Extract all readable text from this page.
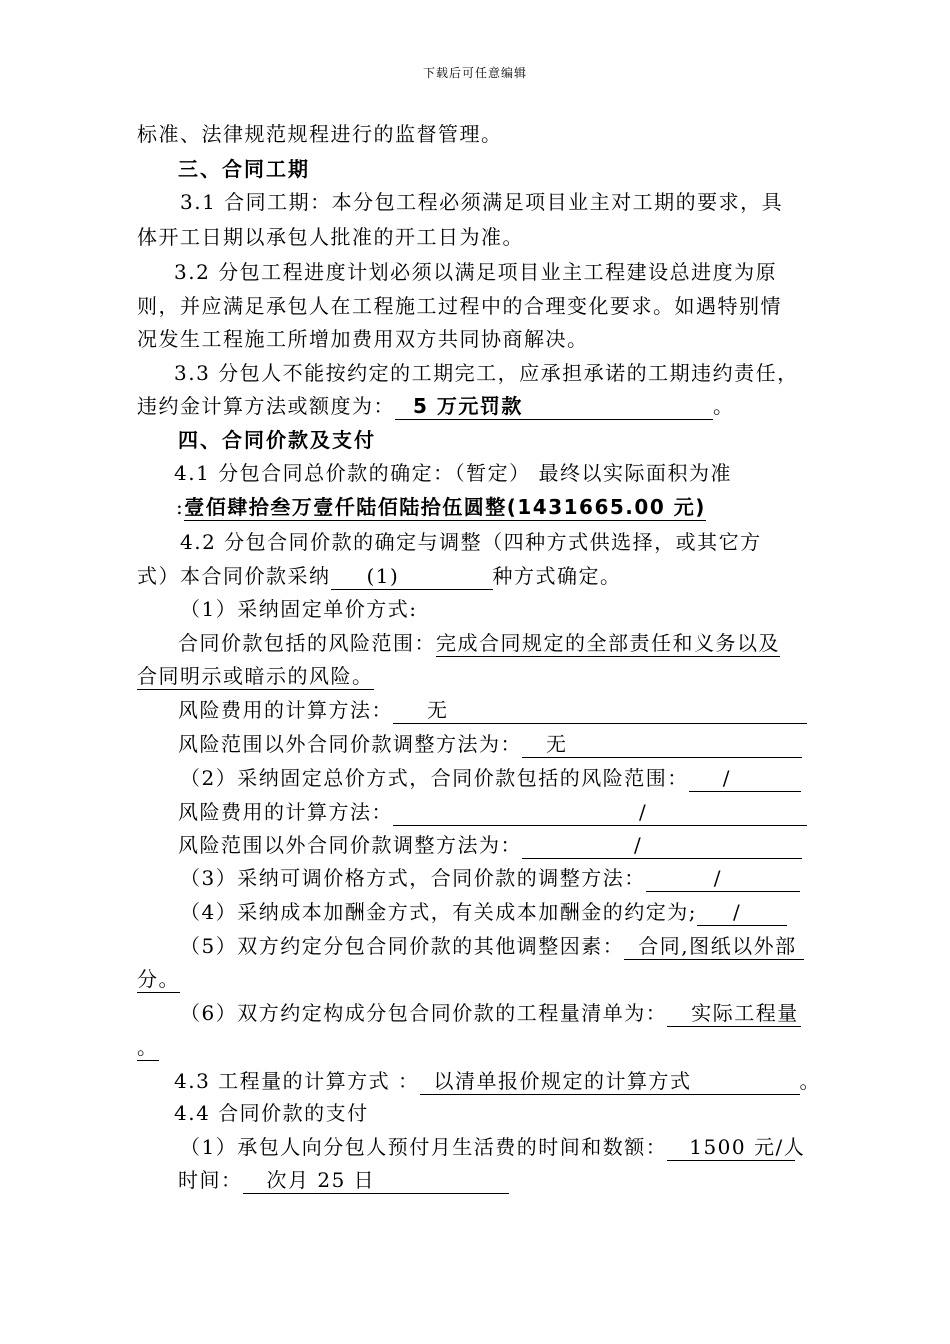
下载后可任意编辑
标准、法律规范规程进行的监督管理。
三、合同工期
3.1 合同工期：本分包工程必须满足项目业主对工期的要求，具
体开工日期以承包人批准的开工日为准。
3.2 分包工程进度计划必须以满足项目业主工程建设总进度为原
则，并应满足承包人在工程施工过程中的合理变化要求。如遇特别情
况发生工程施工所增加费用双方共同协商解决。
3.3 分包人不能按约定的工期完工，应承担承诺的工期违约责任，
违约金计算方法或额度为： 5 万元罚款	。
四、合同价款及支付
4.1 分包合同总价款的确定：（暂定） 最终以实际面积为准
:壹佰肆拾叁万壹仟陆佰陆拾伍圆整(1431665.00 元)
4.2 分包合同价款的确定与调整（四种方式供选择，或其它方
式）本合同价款采纳 (1)	种方式确定。
（1）采纳固定单价方式:
合同价款包括的风险范围：完成合同规定的全部责任和义务以及
合同明示或暗示的风险。
风险费用的计算方法： 无
风险范围以外合同价款调整方法为： 无
（2）采纳固定总价方式，合同价款包括的风险范围： /
风险费用的计算方法：	/
风险范围以外合同价款调整方法为：	/
（3）采纳可调价格方式，合同价款的调整方法：	/
（4）采纳成本加酬金方式，有关成本加酬金的约定为; /
（5）双方约定分包合同价款的其他调整因素： 合同,图纸以外部
分。
（6）双方约定构成分包合同价款的工程量清单为： 实际工程量
。
4.3 工程量的计算方式 ： 以清单报价规定的计算方式	。
4.4 合同价款的支付
（1）承包人向分包人预付月生活费的时间和数额： 1500 元/人
时间： 次月 25 日
